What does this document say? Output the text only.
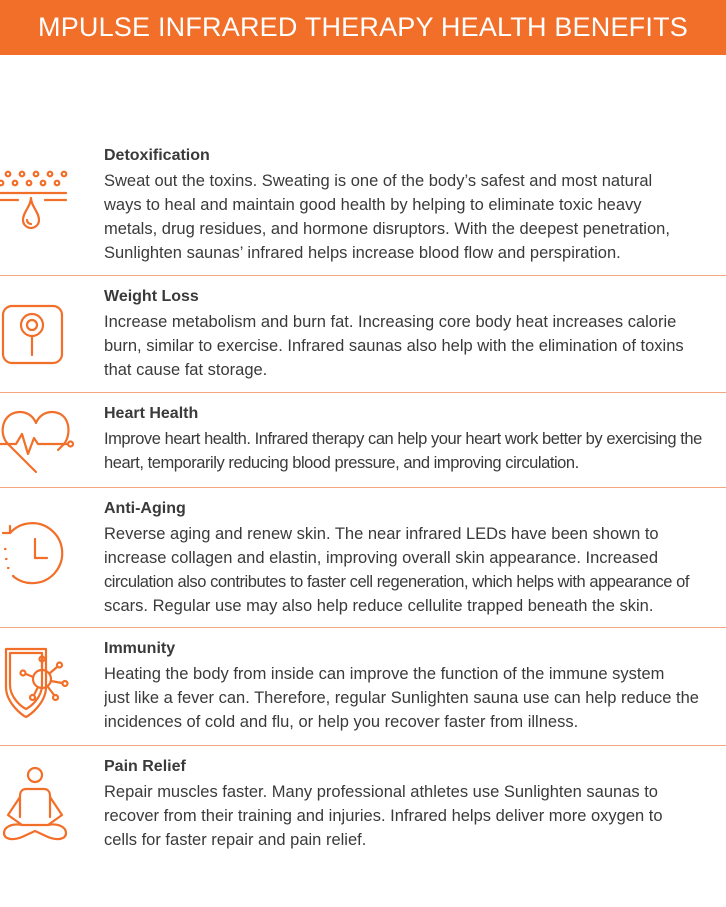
MPULSE INFRARED THERAPY HEALTH BENEFITS
Detoxification
Sweat out the toxins. Sweating is one of the body’s safest and most natural
ways to heal and maintain good health by helping to eliminate toxic heavy
metals, drug residues, and hormone disruptors. With the deepest penetration,
Sunlighten saunas’ infrared helps increase blood flow and perspiration.
Weight Loss
Increase metabolism and burn fat. Increasing core body heat increases calorie
burn, similar to exercise. Infrared saunas also help with the elimination of toxins
that cause fat storage.
Heart Health
Improve heart health. Infrared therapy can help your heart work better by exercising the
heart, temporarily reducing blood pressure, and improving circulation.
Anti-Aging
Reverse aging and renew skin. The near infrared LEDs have been shown to
increase collagen and elastin, improving overall skin appearance. Increased
circulation also contributes to faster cell regeneration, which helps with appearance of
scars. Regular use may also help reduce cellulite trapped beneath the skin.
Immunity
Heating the body from inside can improve the function of the immune system
just like a fever can. Therefore, regular Sunlighten sauna use can help reduce the
incidences of cold and flu, or help you recover faster from illness.
Pain Relief
Repair muscles faster. Many professional athletes use Sunlighten saunas to
recover from their training and injuries. Infrared helps deliver more oxygen to
cells for faster repair and pain relief.
